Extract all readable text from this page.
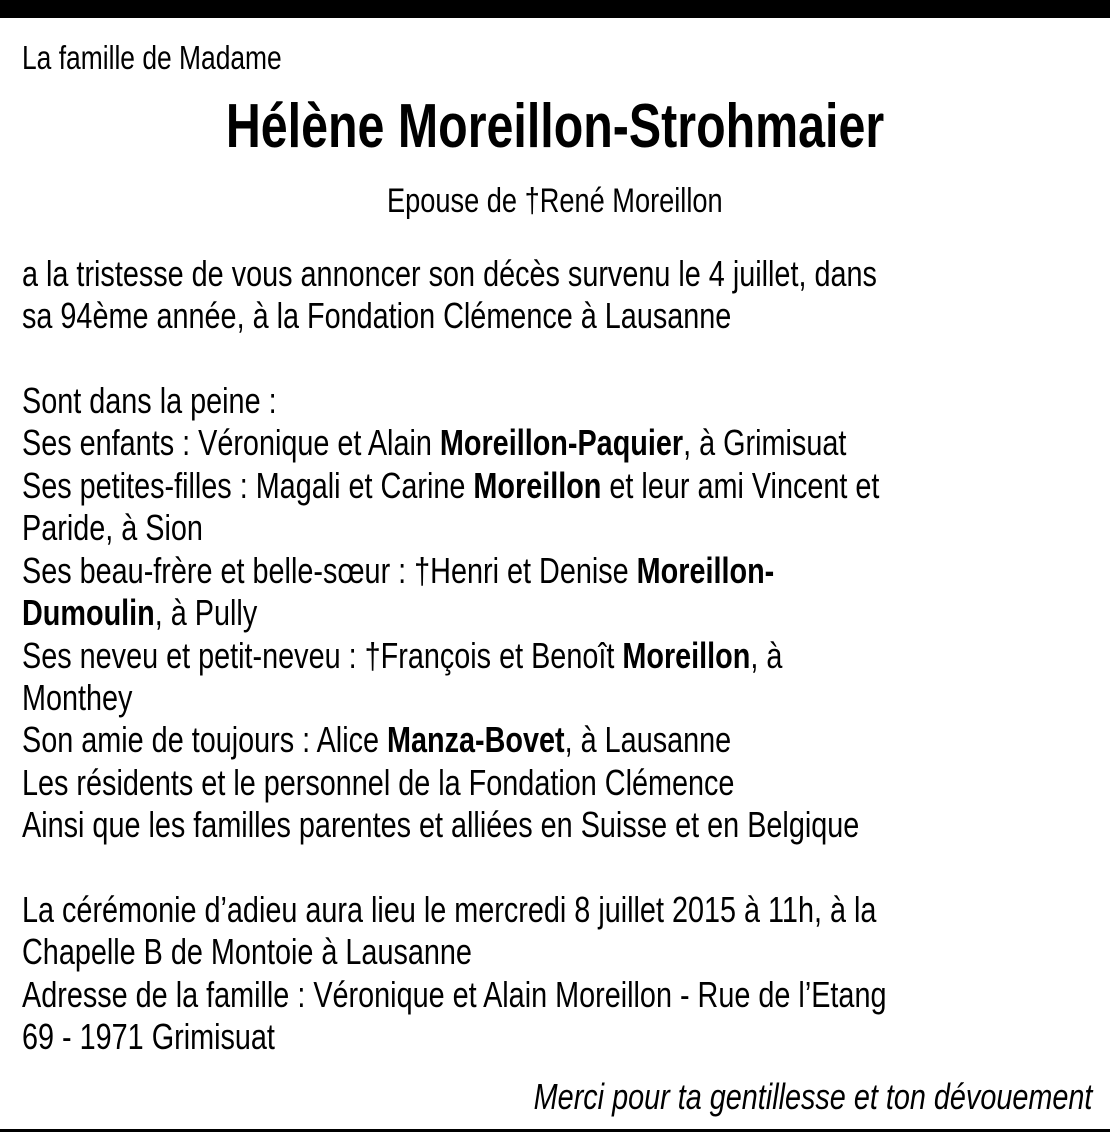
La famille de Madame
Hélène Moreillon-Strohmaier
Epouse de †René Moreillon
a la tristesse de vous annoncer son décès survenu le 4 juillet, dans
sa 94ème année, à la Fondation Clémence à Lausanne
Sont dans la peine :
Ses enfants : Véronique et Alain Moreillon-Paquier, à Grimisuat
Ses petites-filles : Magali et Carine Moreillon et leur ami Vincent et
Paride, à Sion
Ses beau-frère et belle-sœur : †Henri et Denise Moreillon-
Dumoulin, à Pully
Ses neveu et petit-neveu : †François et Benoît Moreillon, à
Monthey
Son amie de toujours : Alice Manza-Bovet, à Lausanne
Les résidents et le personnel de la Fondation Clémence
Ainsi que les familles parentes et alliées en Suisse et en Belgique
La cérémonie d’adieu aura lieu le mercredi 8 juillet 2015 à 11h, à la
Chapelle B de Montoie à Lausanne
Adresse de la famille : Véronique et Alain Moreillon - Rue de l’Etang
69 - 1971 Grimisuat
Merci pour ta gentillesse et ton dévouement
